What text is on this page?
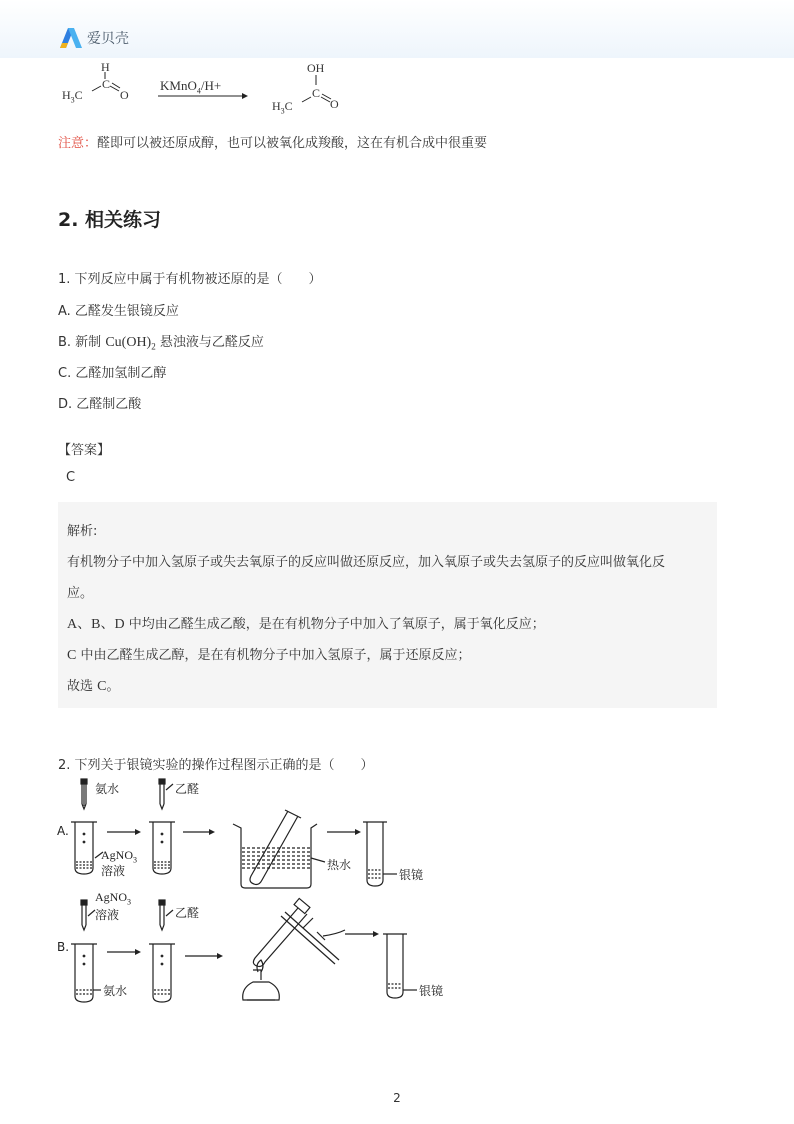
爱贝壳
H
C
O
$H_3C$
KMnO$_4$/H+
OH
C
O
$H_3C$
注意：醛即可以被还原成醇，也可以被氧化成羧酸，这在有机合成中很重要
2. 相关练习
1. 下列反应中属于有机物被还原的是（　　）
A. 乙醛发生银镜反应
B. 新制 $Cu(OH)_2$ 悬浊液与乙醛反应
C. 乙醛加氢制乙醇
D. 乙醛制乙酸
【答案】
C
解析:
有机物分子中加入氢原子或失去氧原子的反应叫做还原反应，加入氧原子或失去氢原子的反应叫做氧化反
应。
A、B、D 中均由乙醛生成乙酸，是在有机物分子中加入了氧原子，属于氧化反应；
C 中由乙醛生成乙醇，是在有机物分子中加入氢原子，属于还原反应；
故选 C。
2. 下列关于银镜实验的操作过程图示正确的是（　　）
A.
氨水	乙醛
AgNO$_3$
溶液	热水
银镜
B.
AgNO$_3$
溶液	乙醛
氨水	银镜
2
